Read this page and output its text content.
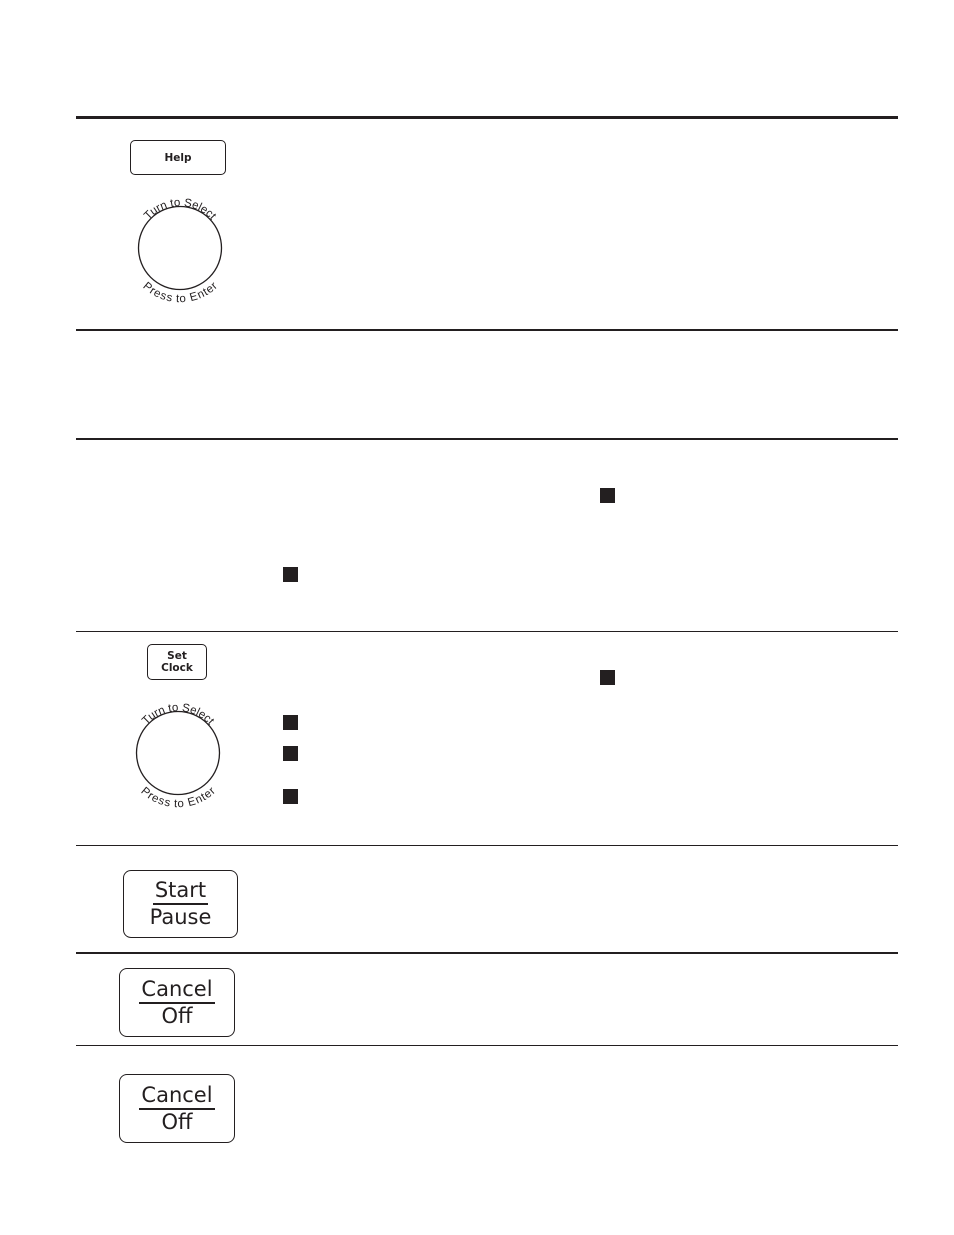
Help
Turn to Select
Press to Enter
Set
Clock
Turn to Select
Press to Enter
Start
Pause
Cancel
Off
Cancel
Off
